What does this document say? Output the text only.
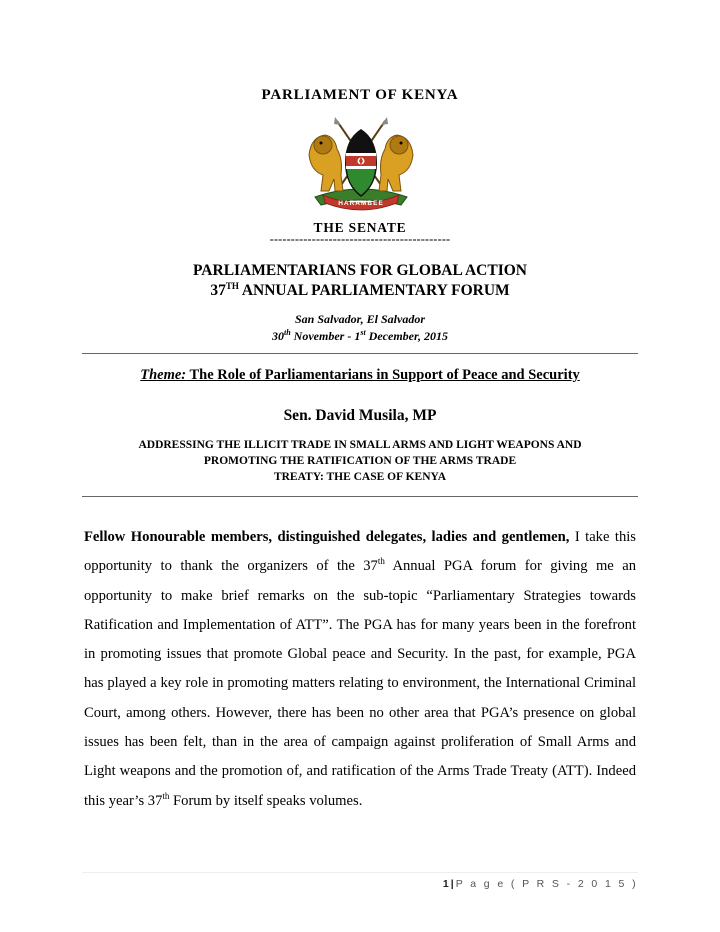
PARLIAMENT OF KENYA
HARAMBEE
THE SENATE
-------------------------------------------
PARLIAMENTARIANS FOR GLOBAL ACTION
37TH ANNUAL PARLIAMENTARY FORUM
San Salvador, El Salvador
30th November - 1st December, 2015
Theme: The Role of Parliamentarians in Support of Peace and Security
Sen. David Musila, MP
ADDRESSING THE ILLICIT TRADE IN SMALL ARMS AND LIGHT WEAPONS AND
PROMOTING THE RATIFICATION OF THE ARMS TRADE
TREATY: THE CASE OF KENYA
Fellow Honourable members, distinguished delegates, ladies and gentlemen, I take this opportunity to thank the organizers of the 37th Annual PGA forum for giving me an opportunity to make brief remarks on the sub-topic “Parliamentary Strategies towards Ratification and Implementation of ATT”. The PGA has for many years been in the forefront in promoting issues that promote Global peace and Security. In the past, for example, PGA has played a key role in promoting matters relating to environment, the International Criminal Court, among others. However, there has been no other area that PGA’s presence on global issues has been felt, than in the area of campaign against proliferation of Small Arms and Light weapons and the promotion of, and ratification of the Arms Trade Treaty (ATT). Indeed this year’s 37th Forum by itself speaks volumes.
1 | P a g e ( P R S - 2 0 1 5 )
